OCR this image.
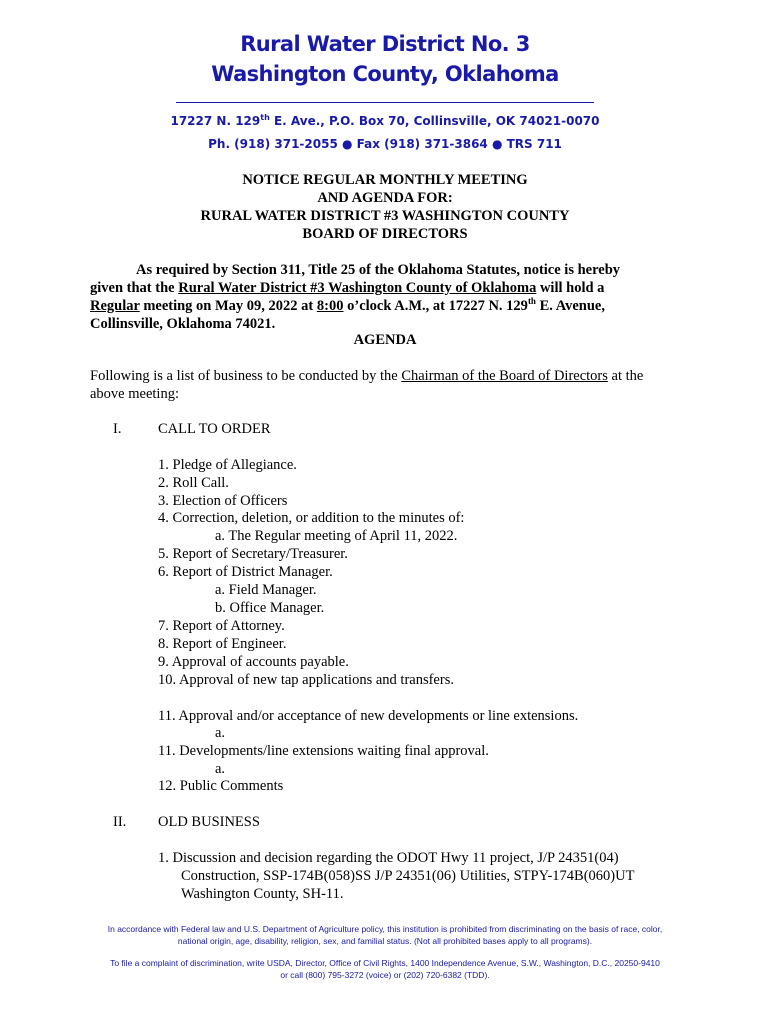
Rural Water District No. 3
Washington County, Oklahoma
17227 N. 129th E. Ave., P.O. Box 70, Collinsville, OK 74021-0070
Ph. (918) 371-2055 ● Fax (918) 371-3864 ● TRS 711
NOTICE REGULAR MONTHLY MEETING
AND AGENDA FOR:
RURAL WATER DISTRICT #3 WASHINGTON COUNTY
BOARD OF DIRECTORS
As required by Section 311, Title 25 of the Oklahoma Statutes, notice is hereby
given that the Rural Water District #3 Washington County of Oklahoma will hold a
Regular meeting on May 09, 2022 at 8:00 o’clock A.M., at 17227 N. 129th E. Avenue,
Collinsville, Oklahoma 74021.
AGENDA
Following is a list of business to be conducted by the Chairman of the Board of Directors at the
above meeting:
I.	CALL TO ORDER
1. Pledge of Allegiance.
2. Roll Call.
3. Election of Officers
4. Correction, deletion, or addition to the minutes of:
a. The Regular meeting of April 11, 2022.
5. Report of Secretary/Treasurer.
6. Report of District Manager.
a. Field Manager.
b. Office Manager.
7. Report of Attorney.
8. Report of Engineer.
9. Approval of accounts payable.
10. Approval of new tap applications and transfers.
11. Approval and/or acceptance of new developments or line extensions.
a.
11. Developments/line extensions waiting final approval.
a.
12. Public Comments
II. OLD BUSINESS
1. Discussion and decision regarding the ODOT Hwy 11 project, J/P 24351(04)
Construction, SSP-174B(058)SS J/P 24351(06) Utilities, STPY-174B(060)UT
Washington County, SH-11.
In accordance with Federal law and U.S. Department of Agriculture policy, this institution is prohibited from discriminating on the basis of race, color,
national origin, age, disability, religion, sex, and familial status. (Not all prohibited bases apply to all programs).
To file a complaint of discrimination, write USDA, Director, Office of Civil Rights, 1400 Independence Avenue, S.W., Washington, D.C., 20250-9410
or call (800) 795-3272 (voice) or (202) 720-6382 (TDD).
